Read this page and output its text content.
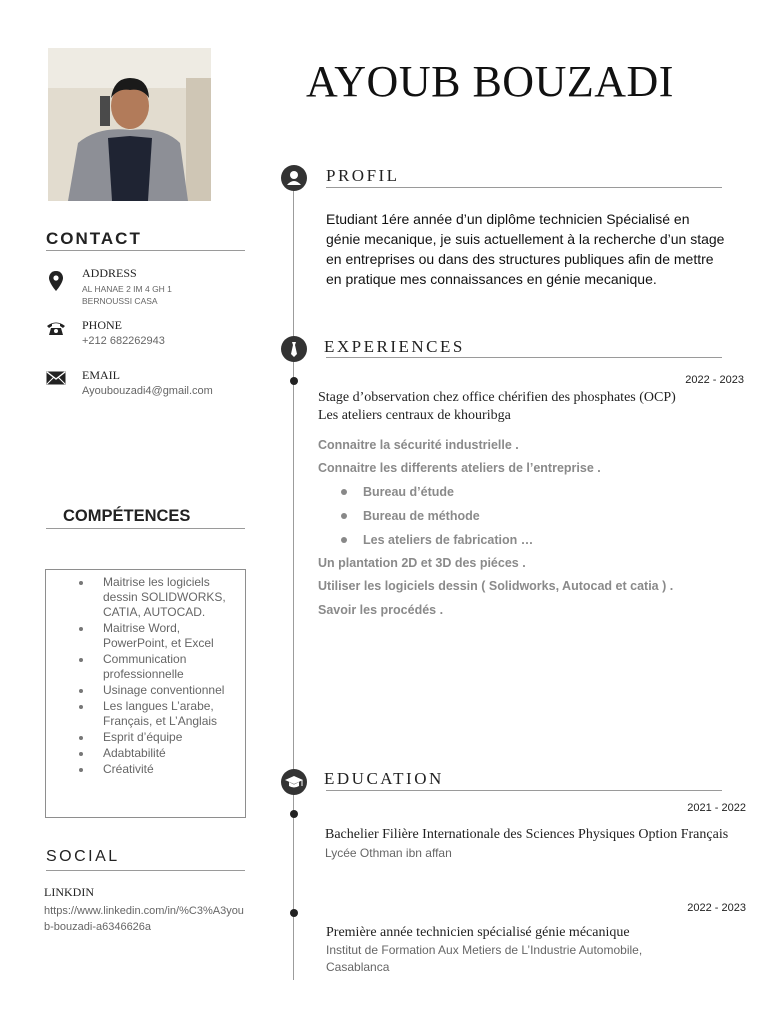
AYOUB BOUZADI
CONTACT
ADDRESS
AL HANAE 2 IM 4 GH 1
BERNOUSSI CASA
PHONE
+212 682262943
EMAIL
Ayoubouzadi4@gmail.com
COMPÉTENCES
Maitrise les logiciels dessin SOLIDWORKS, CATIA, AUTOCAD.
Maitrise Word, PowerPoint, et Excel
Communication professionnelle
Usinage conventionnel
Les langues L’arabe, Français, et L’Anglais
Esprit d’équipe
Adabtabilité
Créativité
SOCIAL
LINKDIN
https://www.linkedin.com/in/%C3%A3youb-bouzadi-a6346626a
PROFIL
Etudiant 1ére année d’un diplôme technicien Spécialisé en génie mecanique, je suis actuellement à la recherche d’un stage en entreprises ou dans des structures publiques afin de mettre en pratique mes connaissances en génie mecanique.
EXPERIENCES
2022 - 2023
Stage d’observation chez office chérifien des phosphates (OCP)
Les ateliers centraux de khouribga
Connaitre la sécurité industrielle .
Connaitre les differents ateliers de l’entreprise .
Bureau d’étude
Bureau de méthode
Les ateliers de fabrication …
Un plantation 2D et 3D des piéces .
Utiliser les logiciels dessin ( Solidworks, Autocad et catia ) .
Savoir les procédés .
EDUCATION
2021 - 2022
Bachelier Filière Internationale des Sciences Physiques Option Français
Lycée Othman ibn affan
2022 - 2023
Première année technicien spécialisé génie mécanique
Institut de Formation Aux Metiers de L’Industrie Automobile, Casablanca
